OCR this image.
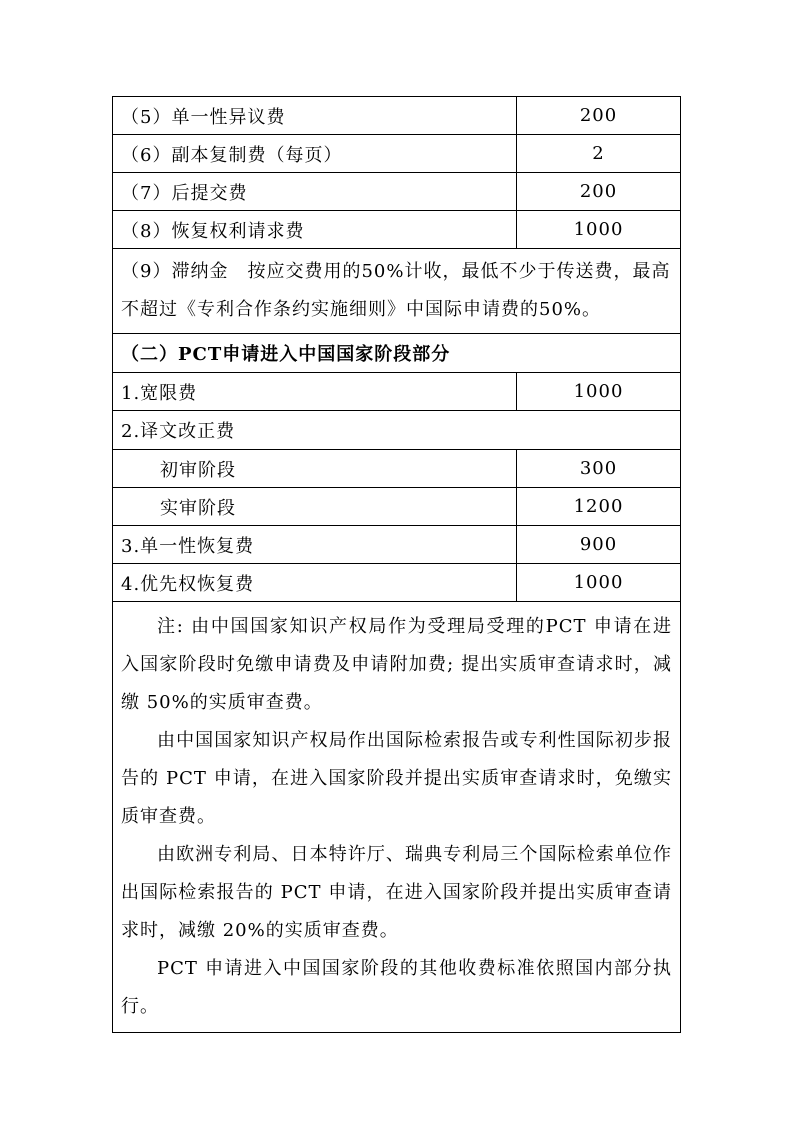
（5）单一性异议费	200
（6）副本复制费（每页）	2
（7）后提交费	200
（8）恢复权利请求费	1000

（9）滞纳金　按应交费用的50%计收，最低不少于传送费，最高

不超过《专利合作条约实施细则》中国际申请费的50%。

（二）PCT申请进入中国国家阶段部分
1.宽限费	1000
2.译文改正费
初审阶段	300
实审阶段	1200
3.单一性恢复费	900
4.优先权恢复费	1000

注: 由中国国家知识产权局作为受理局受理的PCT 申请在进入国家阶段时免缴申请费及申请附加费; 提出实质审查请求时，减缴 50%的实质审查费。

由中国国家知识产权局作出国际检索报告或专利性国际初步报告的 PCT 申请，在进入国家阶段并提出实质审查请求时，免缴实质审查费。

由欧洲专利局、日本特许厅、瑞典专利局三个国际检索单位作出国际检索报告的 PCT 申请，在进入国家阶段并提出实质审查请求时，减缴 20%的实质审查费。

PCT 申请进入中国国家阶段的其他收费标准依照国内部分执行。
